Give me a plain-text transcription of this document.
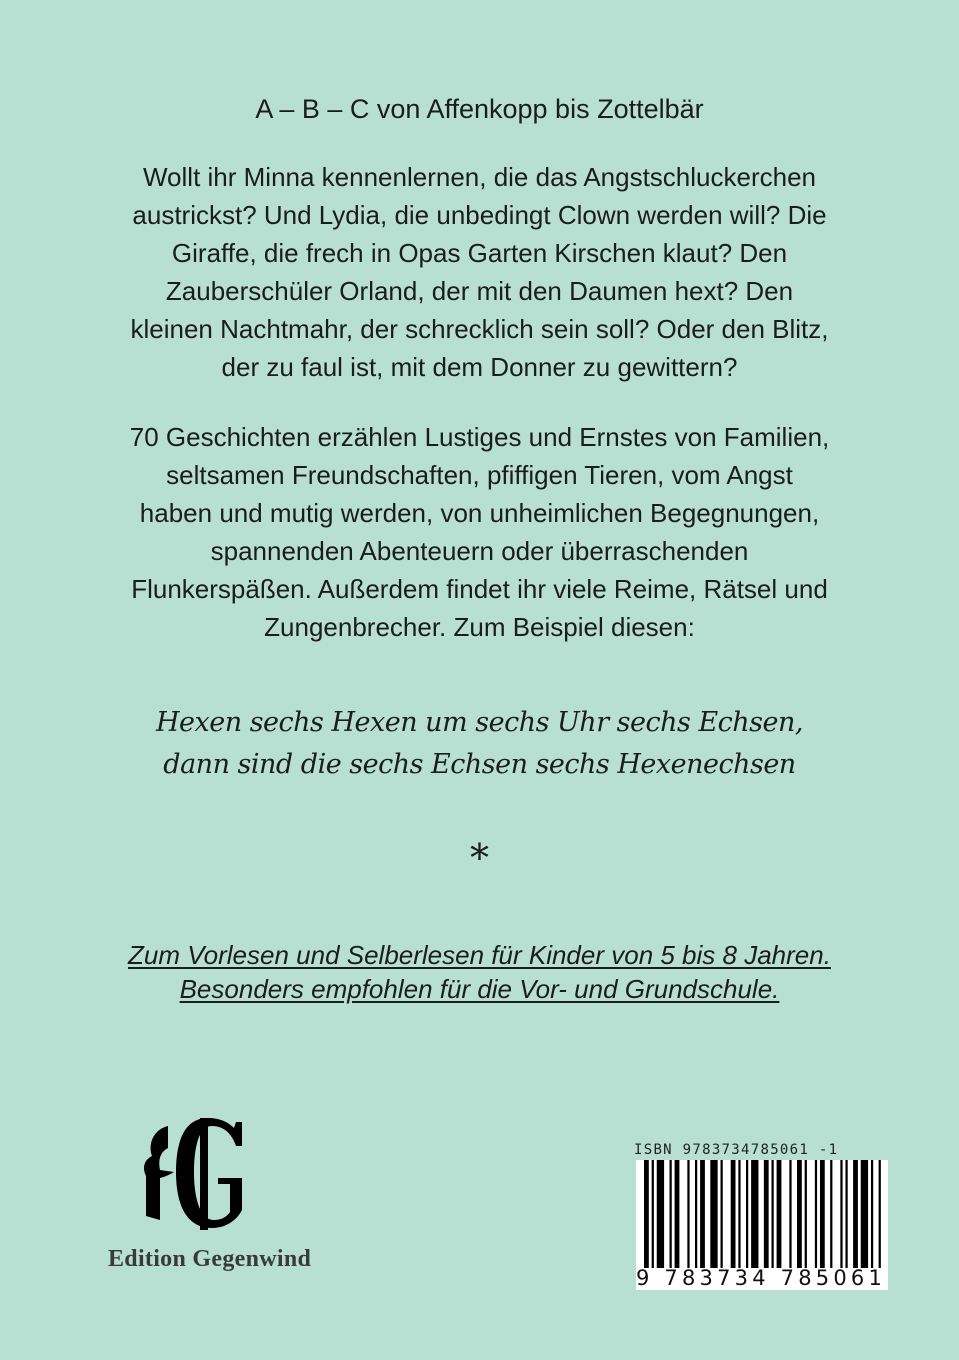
A – B – C von Affenkopp bis Zottelbär
Wollt ihr Minna kennenlernen, die das Angstschluckerchen
austrickst? Und Lydia, die unbedingt Clown werden will? Die
Giraffe, die frech in Opas Garten Kirschen klaut? Den
Zauberschüler Orland, der mit den Daumen hext? Den
kleinen Nachtmahr, der schrecklich sein soll? Oder den Blitz,
der zu faul ist, mit dem Donner zu gewittern?
70 Geschichten erzählen Lustiges und Ernstes von Familien,
seltsamen Freundschaften, pfiffigen Tieren, vom Angst
haben und mutig werden, von unheimlichen Begegnungen,
spannenden Abenteuern oder überraschenden
Flunkerspäßen. Außerdem findet ihr viele Reime, Rätsel und
Zungenbrecher. Zum Beispiel diesen:
Hexen sechs Hexen um sechs Uhr sechs Echsen,
dann sind die sechs Echsen sechs Hexenechsen
*
Zum Vorlesen und Selberlesen für Kinder von 5 bis 8 Jahren.
Besonders empfohlen für die Vor- und Grundschule.
Edition Gegenwind
ISBN 9783734785061 -1
9 783734 785061
